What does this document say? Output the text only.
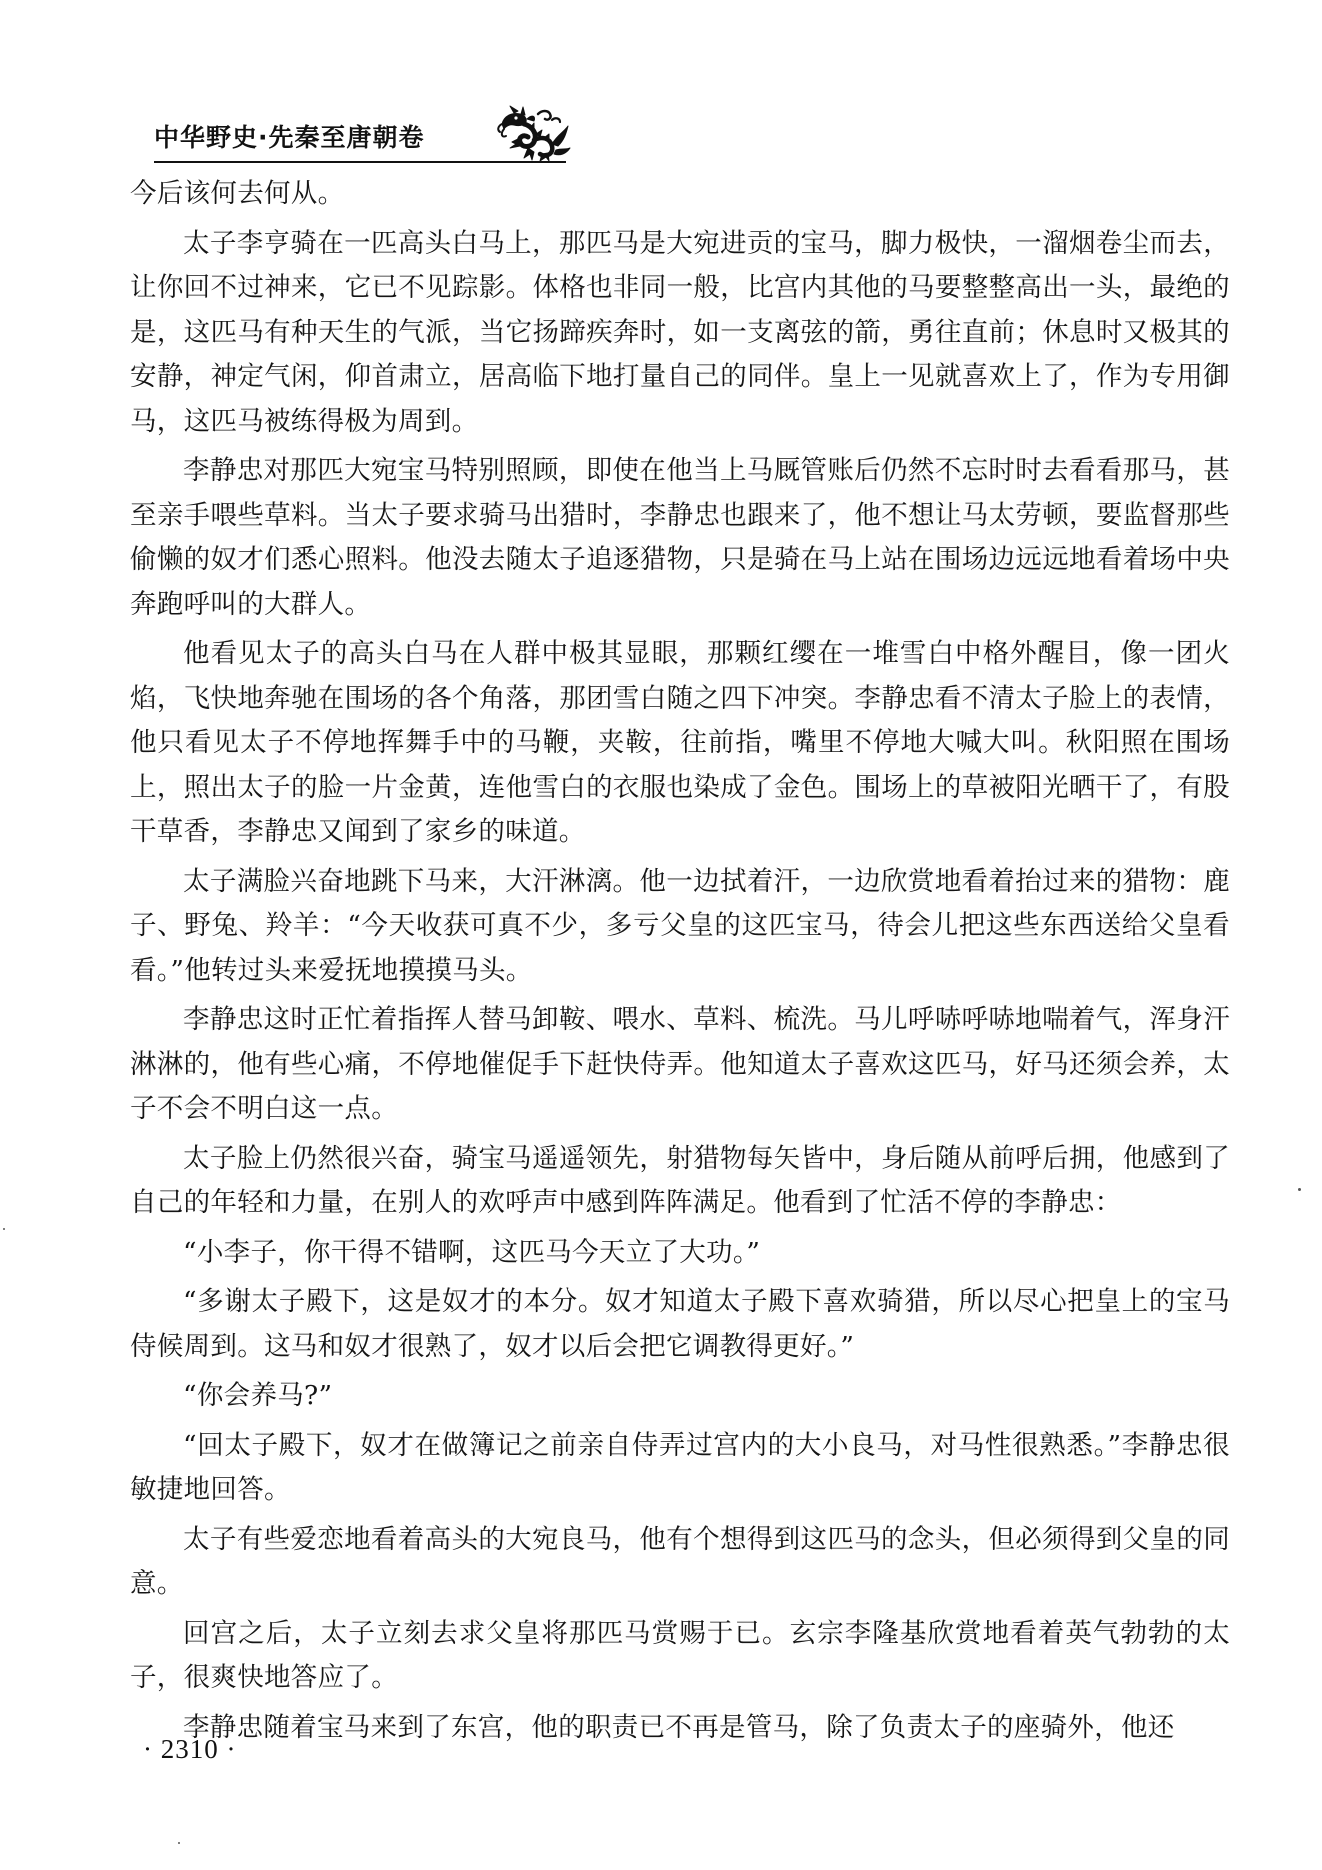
中华野史·先秦至唐朝卷

今后该何去何从。

太子李亨骑在一匹高头白马上，那匹马是大宛进贡的宝马，脚力极快，一溜烟卷尘而去，让你回不过神来，它已不见踪影。体格也非同一般，比宫内其他的马要整整高出一头，最绝的是，这匹马有种天生的气派，当它扬蹄疾奔时，如一支离弦的箭，勇往直前；休息时又极其的安静，神定气闲，仰首肃立，居高临下地打量自己的同伴。皇上一见就喜欢上了，作为专用御马，这匹马被练得极为周到。

李静忠对那匹大宛宝马特别照顾，即使在他当上马厩管账后仍然不忘时时去看看那马，甚至亲手喂些草料。当太子要求骑马出猎时，李静忠也跟来了，他不想让马太劳顿，要监督那些偷懒的奴才们悉心照料。他没去随太子追逐猎物，只是骑在马上站在围场边远远地看着场中央奔跑呼叫的大群人。

他看见太子的高头白马在人群中极其显眼，那颗红缨在一堆雪白中格外醒目，像一团火焰，飞快地奔驰在围场的各个角落，那团雪白随之四下冲突。李静忠看不清太子脸上的表情，他只看见太子不停地挥舞手中的马鞭，夹鞍，往前指，嘴里不停地大喊大叫。秋阳照在围场上，照出太子的脸一片金黄，连他雪白的衣服也染成了金色。围场上的草被阳光晒干了，有股干草香，李静忠又闻到了家乡的味道。

太子满脸兴奋地跳下马来，大汗淋漓。他一边拭着汗，一边欣赏地看着抬过来的猎物：鹿子、野兔、羚羊：“今天收获可真不少，多亏父皇的这匹宝马，待会儿把这些东西送给父皇看看。”他转过头来爱抚地摸摸马头。

李静忠这时正忙着指挥人替马卸鞍、喂水、草料、梳洗。马儿呼哧呼哧地喘着气，浑身汗淋淋的，他有些心痛，不停地催促手下赶快侍弄。他知道太子喜欢这匹马，好马还须会养，太子不会不明白这一点。

太子脸上仍然很兴奋，骑宝马遥遥领先，射猎物每矢皆中，身后随从前呼后拥，他感到了自己的年轻和力量，在别人的欢呼声中感到阵阵满足。他看到了忙活不停的李静忠：

“小李子，你干得不错啊，这匹马今天立了大功。”

“多谢太子殿下，这是奴才的本分。奴才知道太子殿下喜欢骑猎，所以尽心把皇上的宝马侍候周到。这马和奴才很熟了，奴才以后会把它调教得更好。”

“你会养马?”

“回太子殿下，奴才在做簿记之前亲自侍弄过宫内的大小良马，对马性很熟悉。”李静忠很敏捷地回答。

太子有些爱恋地看着高头的大宛良马，他有个想得到这匹马的念头，但必须得到父皇的同意。

回宫之后，太子立刻去求父皇将那匹马赏赐于已。玄宗李隆基欣赏地看着英气勃勃的太子，很爽快地答应了。

李静忠随着宝马来到了东宫，他的职责已不再是管马，除了负责太子的座骑外，他还

· 2310 ·
